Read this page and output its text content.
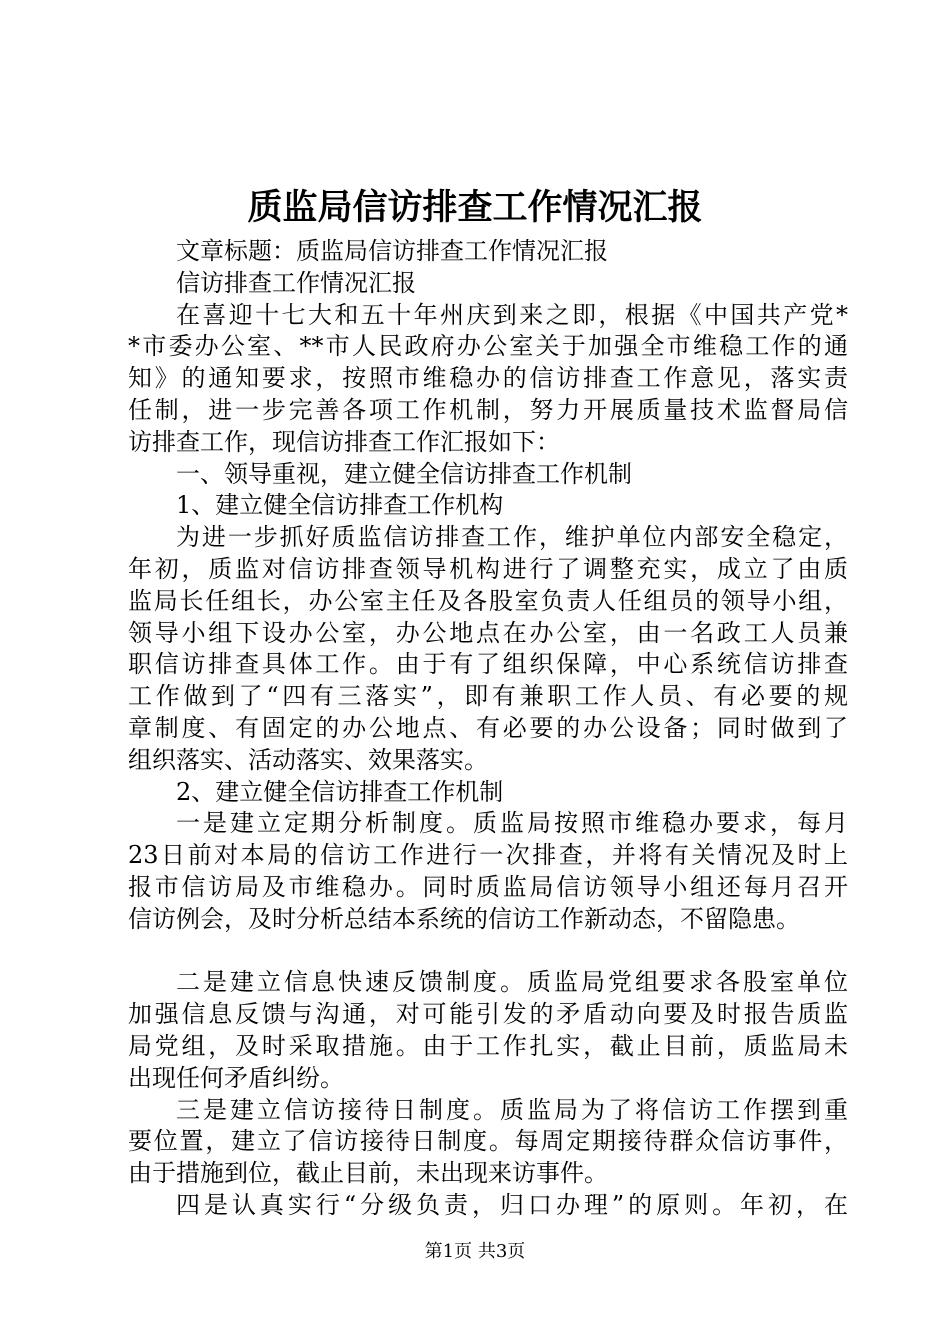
质监局信访排查工作情况汇报
文章标题：质监局信访排查工作情况汇报
信访排查工作情况汇报
在喜迎十七大和五十年州庆到来之即，根据《中国共产党*
*市委办公室、**市人民政府办公室关于加强全市维稳工作的通
知》的通知要求，按照市维稳办的信访排查工作意见，落实责
任制，进一步完善各项工作机制，努力开展质量技术监督局信
访排查工作，现信访排查工作汇报如下：
一、领导重视，建立健全信访排查工作机制
1、建立健全信访排查工作机构
为进一步抓好质监信访排查工作，维护单位内部安全稳定，
年初，质监对信访排查领导机构进行了调整充实，成立了由质
监局长任组长，办公室主任及各股室负责人任组员的领导小组，
领导小组下设办公室，办公地点在办公室，由一名政工人员兼
职信访排查具体工作。由于有了组织保障，中心系统信访排查
工作做到了“四有三落实”，即有兼职工作人员、有必要的规
章制度、有固定的办公地点、有必要的办公设备；同时做到了
组织落实、活动落实、效果落实。
2、建立健全信访排查工作机制
一是建立定期分析制度。质监局按照市维稳办要求，每月
23日前对本局的信访工作进行一次排查，并将有关情况及时上
报市信访局及市维稳办。同时质监局信访领导小组还每月召开
信访例会，及时分析总结本系统的信访工作新动态，不留隐患。
二是建立信息快速反馈制度。质监局党组要求各股室单位
加强信息反馈与沟通，对可能引发的矛盾动向要及时报告质监
局党组，及时采取措施。由于工作扎实，截止目前，质监局未
出现任何矛盾纠纷。
三是建立信访接待日制度。质监局为了将信访工作摆到重
要位置，建立了信访接待日制度。每周定期接待群众信访事件，
由于措施到位，截止目前，未出现来访事件。
四是认真实行“分级负责，归口办理”的原则。年初，在
第1页 共3页
